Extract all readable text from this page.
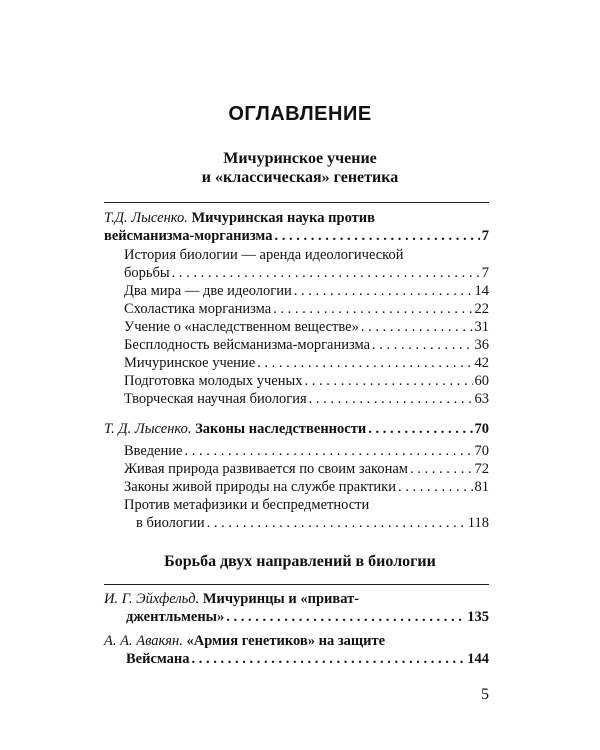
ОГЛАВЛЕНИЕ
Мичуринское учение
и «классическая» генетика
Т.Д. Лысенко. Мичуринская наука против
вейсманизма-морганизма . . .	7
История биологии — аренда идеологической
борьбы . . .	7
Два мира — две идеологии . . .	14
Схоластика морганизма . . .	22
Учение о «наследственном веществе» . . .	31
Бесплодность вейсманизма-морганизма . . .	36
Мичуринское учение . . .	42
Подготовка молодых ученых . . .	60
Творческая научная биология . . .	63
Т. Д. Лысенко. Законы наследственности . . .	70
Введение . . .	70
Живая природа развивается по своим законам . . .	72
Законы живой природы на службе практики . . .	81
Против метафизики и беспредметности
в биологии . . .	118
Борьба двух направлений в биологии
И. Г. Эйхфельд. Мичуринцы и «приват-
джентльмены» . . .	135
А. А. Авакян. «Армия генетиков» на защите
Вейсмана . . .	144
5
